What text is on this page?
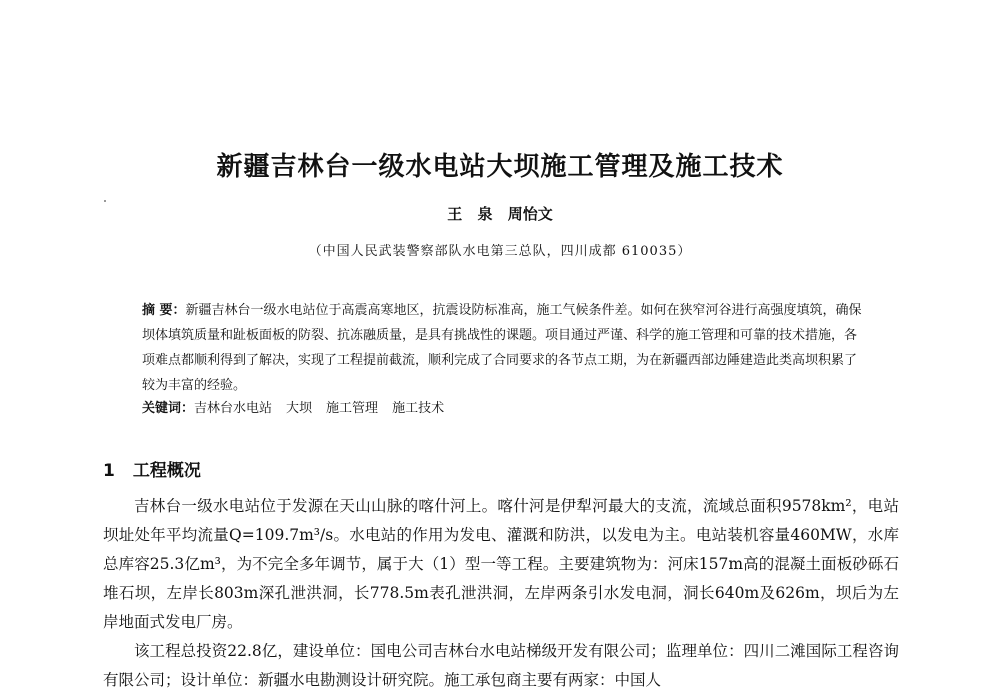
新疆吉林台一级水电站大坝施工管理及施工技术
王 泉 周怡文
（中国人民武装警察部队水电第三总队，四川成都 610035）
摘 要：新疆吉林台一级水电站位于高震高寒地区，抗震设防标准高，施工气候条件差。如何在狭窄河谷进行高强度填筑，确保坝体填筑质量和趾板面板的防裂、抗冻融质量，是具有挑战性的课题。项目通过严谨、科学的施工管理和可靠的技术措施，各项难点都顺利得到了解决，实现了工程提前截流，顺利完成了合同要求的各节点工期，为在新疆西部边陲建造此类高坝积累了较为丰富的经验。
关键词：吉林台水电站 大坝 施工管理 施工技术
1 工程概况

吉林台一级水电站位于发源在天山山脉的喀什河上。喀什河是伊犁河最大的支流，流域总面积9578km²，电站坝址处年平均流量Q=109.7m³/s。水电站的作用为发电、灌溉和防洪，以发电为主。电站装机容量460MW，水库总库容25.3亿m³，为不完全多年调节，属于大（1）型一等工程。主要建筑物为：河床157m高的混凝土面板砂砾石堆石坝，左岸长803m深孔泄洪洞，长778.5m表孔泄洪洞，左岸两条引水发电洞，洞长640m及626m，坝后为左岸地面式发电厂房。

该工程总投资22.8亿，建设单位：国电公司吉林台水电站梯级开发有限公司；监理单位：四川二滩国际工程咨询有限公司；设计单位：新疆水电勘测设计研究院。施工承包商主要有两家：中国人
